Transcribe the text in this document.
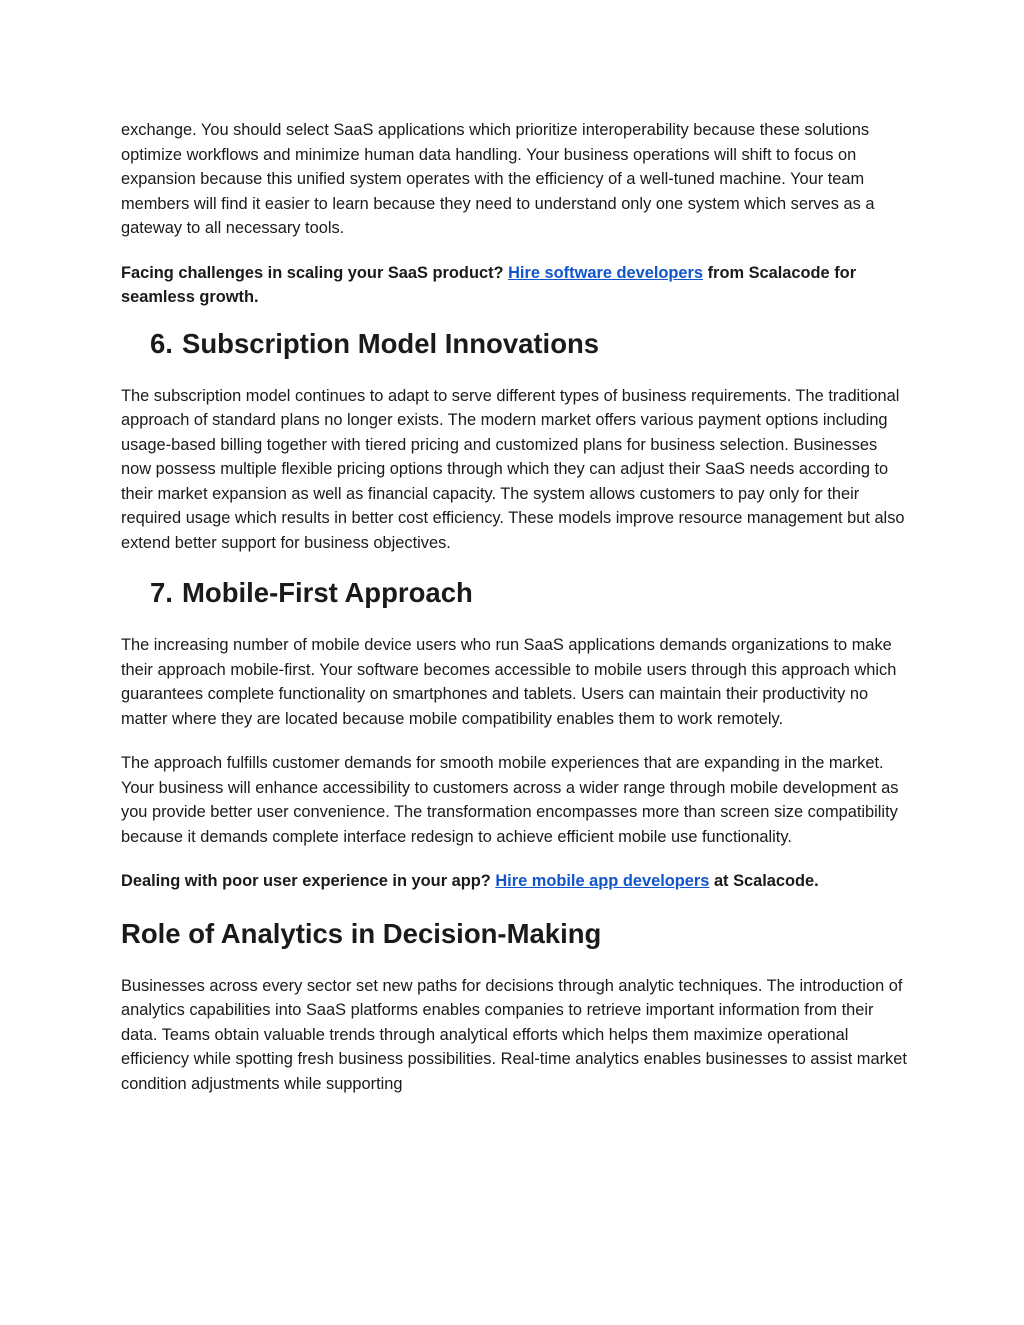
exchange. You should select SaaS applications which prioritize interoperability because these solutions optimize workflows and minimize human data handling. Your business operations will shift to focus on expansion because this unified system operates with the efficiency of a well-tuned machine. Your team members will find it easier to learn because they need to understand only one system which serves as a gateway to all necessary tools.

Facing challenges in scaling your SaaS product? Hire software developers from Scalacode for seamless growth.

6. Subscription Model Innovations

The subscription model continues to adapt to serve different types of business requirements. The traditional approach of standard plans no longer exists. The modern market offers various payment options including usage-based billing together with tiered pricing and customized plans for business selection. Businesses now possess multiple flexible pricing options through which they can adjust their SaaS needs according to their market expansion as well as financial capacity. The system allows customers to pay only for their required usage which results in better cost efficiency. These models improve resource management but also extend better support for business objectives.

7. Mobile-First Approach

The increasing number of mobile device users who run SaaS applications demands organizations to make their approach mobile-first. Your software becomes accessible to mobile users through this approach which guarantees complete functionality on smartphones and tablets. Users can maintain their productivity no matter where they are located because mobile compatibility enables them to work remotely.

The approach fulfills customer demands for smooth mobile experiences that are expanding in the market. Your business will enhance accessibility to customers across a wider range through mobile development as you provide better user convenience. The transformation encompasses more than screen size compatibility because it demands complete interface redesign to achieve efficient mobile use functionality.

Dealing with poor user experience in your app? Hire mobile app developers at Scalacode.

Role of Analytics in Decision-Making

Businesses across every sector set new paths for decisions through analytic techniques. The introduction of analytics capabilities into SaaS platforms enables companies to retrieve important information from their data. Teams obtain valuable trends through analytical efforts which helps them maximize operational efficiency while spotting fresh business possibilities. Real-time analytics enables businesses to assist market condition adjustments while supporting
